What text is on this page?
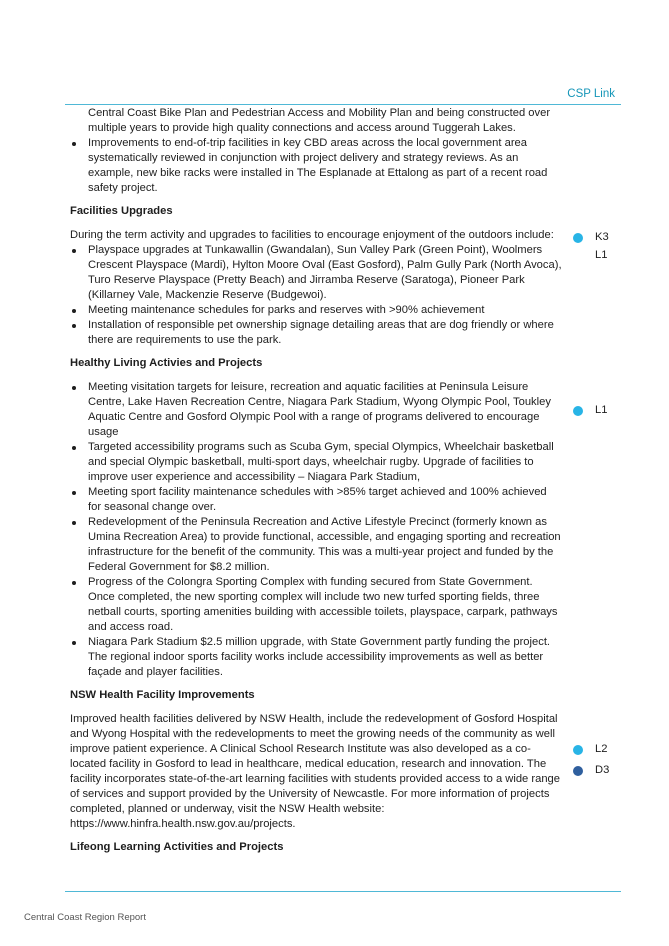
CSP Link

Central Coast Bike Plan and Pedestrian Access and Mobility Plan and being constructed over multiple years to provide high quality connections and access around Tuggerah Lakes.

Improvements to end-of-trip facilities in key CBD areas across the local government area systematically reviewed in conjunction with project delivery and strategy reviews. As an example, new bike racks were installed in The Esplanade at Ettalong as part of a recent road safety project.
Facilities Upgrades

During the term activity and upgrades to facilities to encourage enjoyment of the outdoors include:

Playspace upgrades at Tunkawallin (Gwandalan), Sun Valley Park (Green Point), Woolmers Crescent Playspace (Mardi), Hylton Moore Oval (East Gosford), Palm Gully Park (North Avoca), Turo Reserve Playspace (Pretty Beach) and Jirramba Reserve (Saratoga), Pioneer Park (Killarney Vale, Mackenzie Reserve (Budgewoi).
Meeting maintenance schedules for parks and reserves with >90% achievement
Installation of responsible pet ownership signage detailing areas that are dog friendly or where there are requirements to use the park.
Healthy Living Activies and Projects
Meeting visitation targets for leisure, recreation and aquatic facilities at Peninsula Leisure Centre, Lake Haven Recreation Centre, Niagara Park Stadium, Wyong Olympic Pool, Toukley Aquatic Centre and Gosford Olympic Pool with a range of programs delivered to encourage usage
Targeted accessibility programs such as Scuba Gym, special Olympics, Wheelchair basketball and special Olympic basketball, multi-sport days, wheelchair rugby. Upgrade of facilities to improve user experience and accessibility – Niagara Park Stadium,
Meeting sport facility maintenance schedules with >85% target achieved and 100% achieved for seasonal change over.
Redevelopment of the Peninsula Recreation and Active Lifestyle Precinct (formerly known as Umina Recreation Area) to provide functional, accessible, and engaging sporting and recreation infrastructure for the benefit of the community. This was a multi-year project and funded by the Federal Government for $8.2 million.
Progress of the Colongra Sporting Complex with funding secured from State Government. Once completed, the new sporting complex will include two new turfed sporting fields, three netball courts, sporting amenities building with accessible toilets, playspace, carpark, pathways and access road.
Niagara Park Stadium $2.5 million upgrade, with State Government partly funding the project. The regional indoor sports facility works include accessibility improvements as well as better façade and player facilities.
NSW Health Facility Improvements

Improved health facilities delivered by NSW Health, include the redevelopment of Gosford Hospital and Wyong Hospital with the redevelopments to meet the growing needs of the community as well improve patient experience. A Clinical School Research Institute was also developed as a co-located facility in Gosford to lead in healthcare, medical education, research and innovation. The facility incorporates state-of-the-art learning facilities with students provided access to a wide range of services and support provided by the University of Newcastle. For more information of projects completed, planned or underway, visit the NSW Health website: https://www.hinfra.health.nsw.gov.au/projects.

Lifeong Learning Activities and Projects
K3
L1
L1
L2
D3
Central Coast Region Report
